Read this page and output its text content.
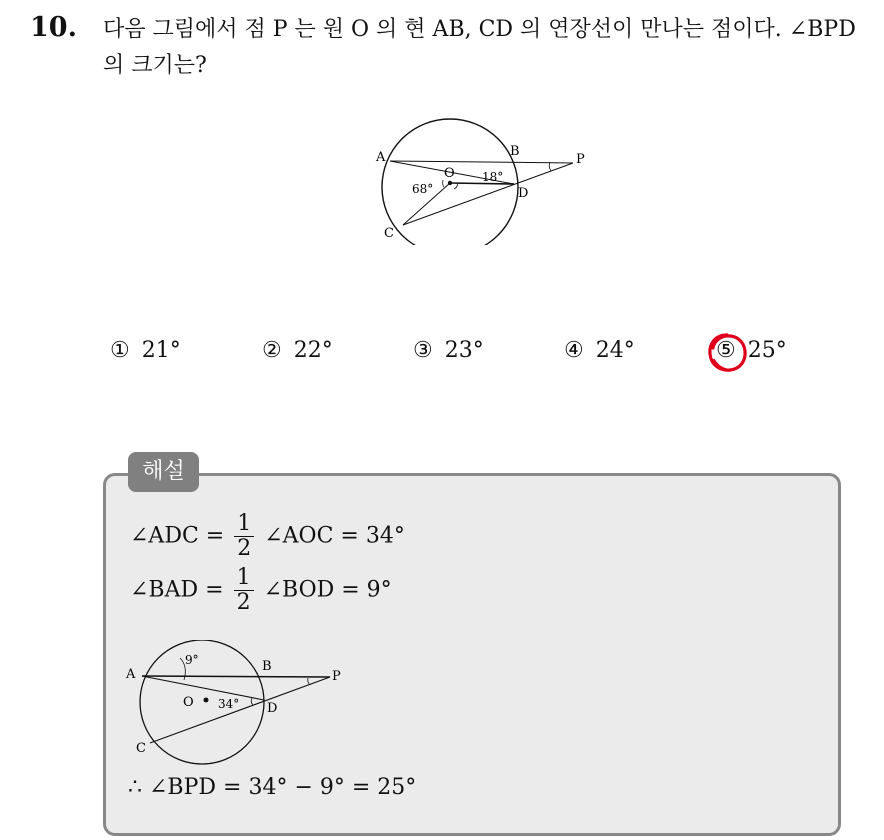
10. 다음 그림에서 점 P 는 원 O 의 현 AB, CD 의 연장선이 만나는 점이다. ∠BPD 의 크기는?
A	B
C
D
O
P
68°
18°
① 21°	② 22°	③ 23°	④ 24°	⑤ 25°
해설
∠ADC = $\frac{1}{2}$ ∠AOC = 34°
∠BAD = $\frac{1}{2}$ ∠BOD = 9°
A
B
C
D
O
P
9°
34°
∴ ∠BPD = 34° − 9° = 25°
